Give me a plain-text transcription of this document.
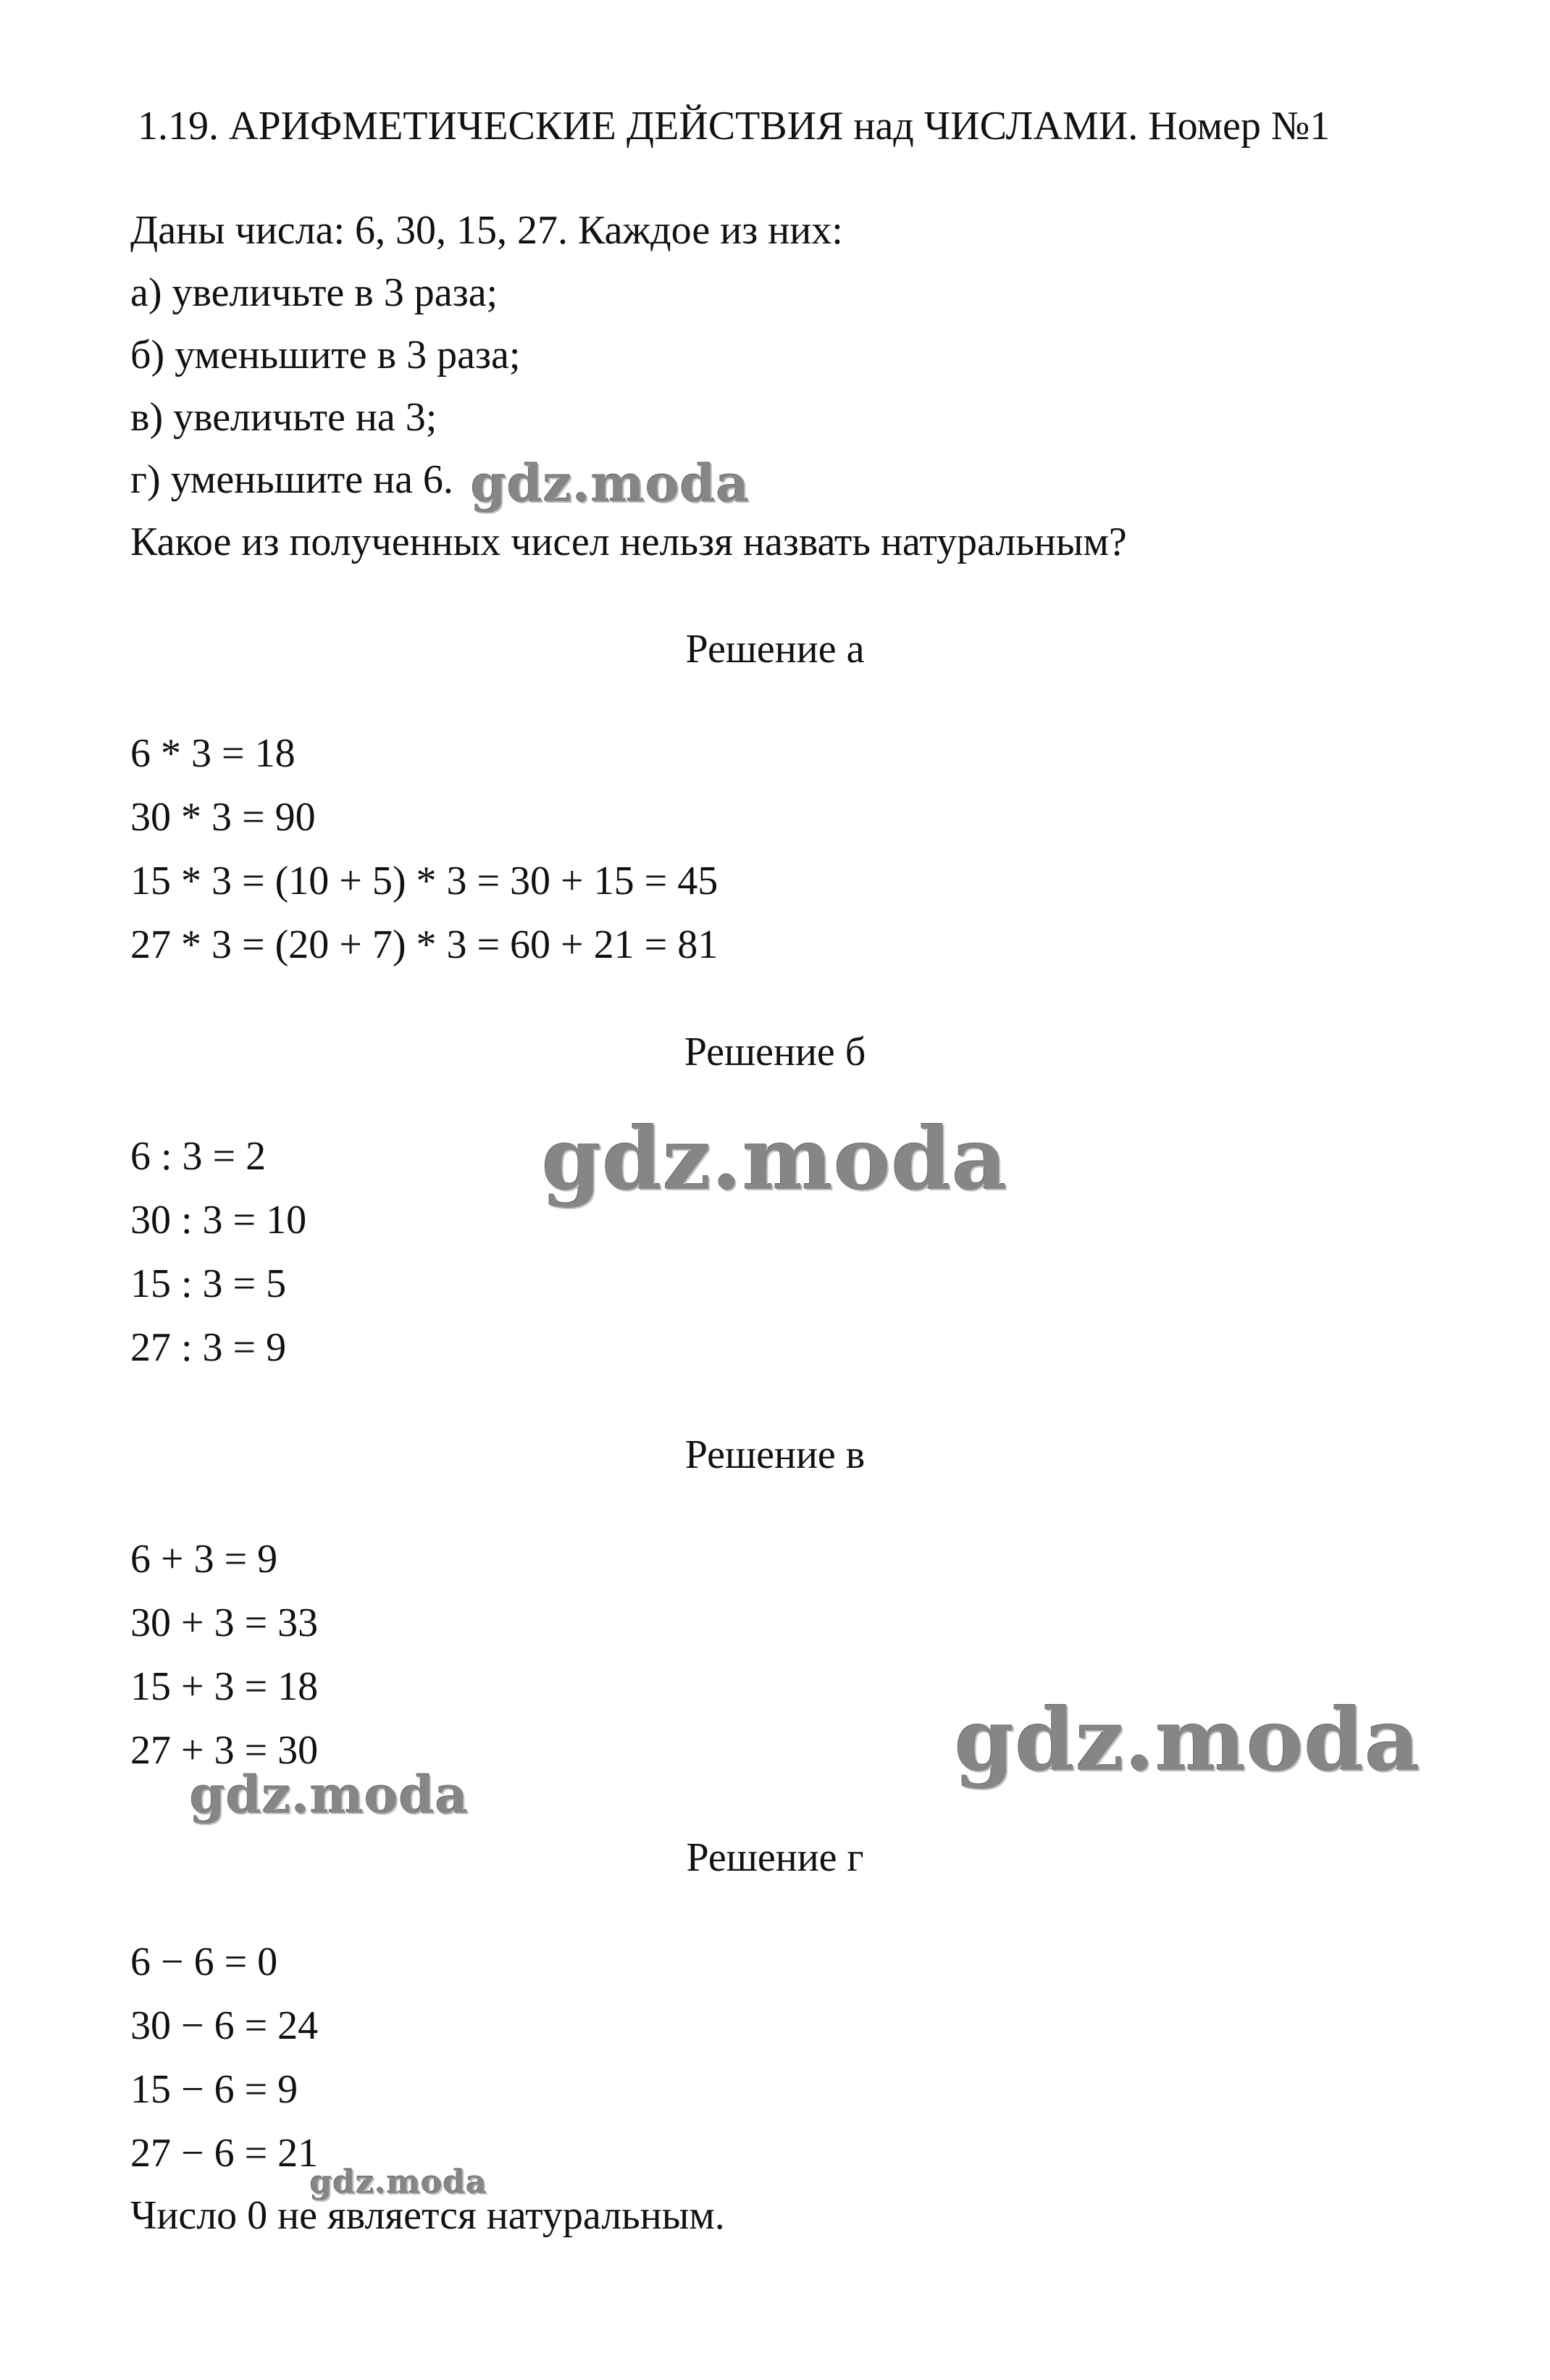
1.19. АРИФМЕТИЧЕСКИЕ ДЕЙСТВИЯ над ЧИСЛАМИ. Номер №1
Даны числа: 6, 30, 15, 27. Каждое из них:
а) увеличьте в 3 раза;
б) уменьшите в 3 раза;
в) увеличьте на 3;
г) уменьшите на 6.
Какое из полученных чисел нельзя назвать натуральным?
Решение а
6 * 3 = 18
30 * 3 = 90
15 * 3 = (10 + 5) * 3 = 30 + 15 = 45
27 * 3 = (20 + 7) * 3 = 60 + 21 = 81
Решение б
6 : 3 = 2
30 : 3 = 10
15 : 3 = 5
27 : 3 = 9
Решение в
6 + 3 = 9
30 + 3 = 33
15 + 3 = 18
27 + 3 = 30
Решение г
6 − 6 = 0
30 − 6 = 24
15 − 6 = 9
27 − 6 = 21
Число 0 не является натуральным.
gdz.moda
gdz.moda
gdz.moda
gdz.moda
gdz.moda
